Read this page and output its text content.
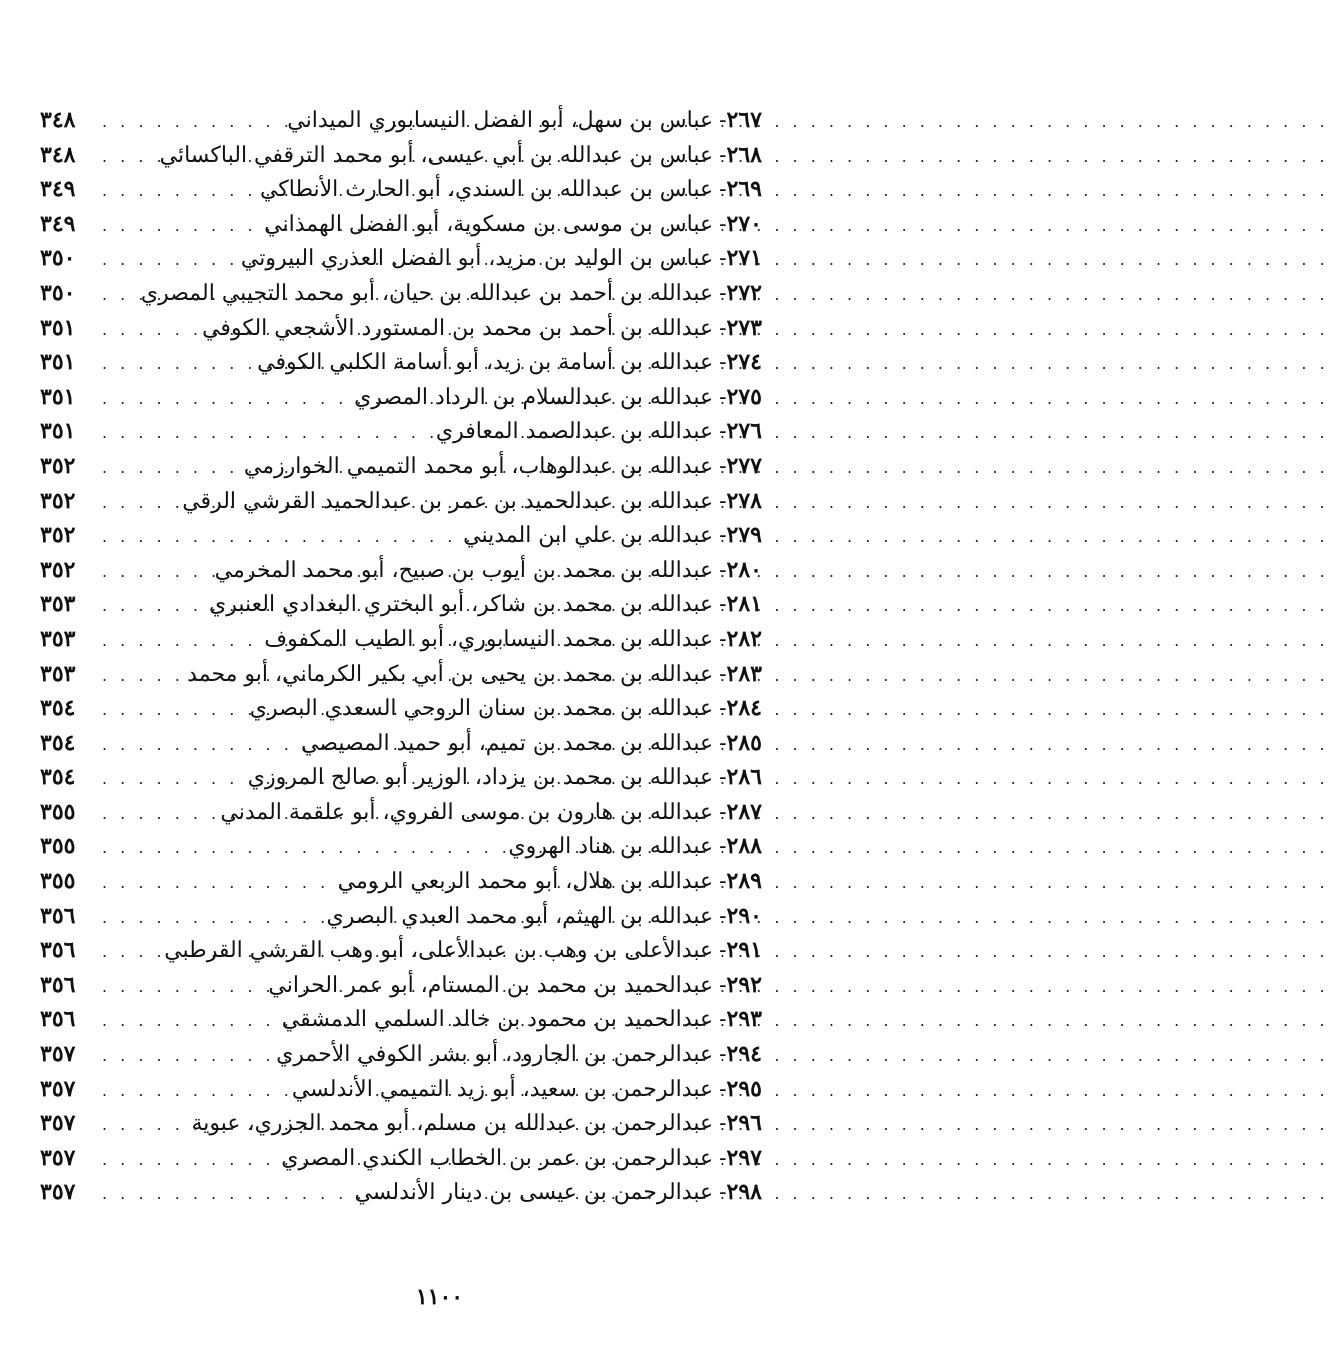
٢٦٧
-
عباس بن سهل، أبو الفضل النيسابوري الميداني
. . .
٣٤٨
٢٦٨
-
عباس بن عبدالله بن أبي عيسى، أبو محمد الترقفي الباكسائي
. . .
٣٤٨
٢٦٩
-
عباس بن عبدالله بن السندي، أبو الحارث الأنطاكي
. . .
٣٤٩
٢٧٠
-
عباس بن موسى بن مسكوية، أبو الفضل الهمذاني
. . .
٣٤٩
٢٧١
-
عباس بن الوليد بن مزيد، أبو الفضل العذري البيروتي
. . .
٣٥٠
٢٧٢
-
عبدالله بن أحمد بن عبدالله بن حيان، أبو محمد التجيبي المصري
. . .
٣٥٠
٢٧٣
-
عبدالله بن أحمد بن محمد بن المستورد الأشجعي الكوفي
. . .
٣٥١
٢٧٤
-
عبدالله بن أسامة بن زيد، أبو أسامة الكلبي الكوفي
. . .
٣٥١
٢٧٥
-
عبدالله بن عبدالسلام بن الرداد المصري
. . .
٣٥١
٢٧٦
-
عبدالله بن عبدالصمد المعافري
. . .
٣٥١
٢٧٧
-
عبدالله بن عبدالوهاب، أبو محمد التميمي الخوارزمي
. . .
٣٥٢
٢٧٨
-
عبدالله بن عبدالحميد بن عمر بن عبدالحميد القرشي الرقي
. . .
٣٥٢
٢٧٩
-
عبدالله بن علي ابن المديني
. . .
٣٥٢
٢٨٠
-
عبدالله بن محمد بن أيوب بن صبيح، أبو محمد المخرمي
. . .
٣٥٢
٢٨١
-
عبدالله بن محمد بن شاكر، أبو البختري البغدادي العنبري
. . .
٣٥٣
٢٨٢
-
عبدالله بن محمد النيسابوري، أبو الطيب المكفوف
. . .
٣٥٣
٢٨٣
-
عبدالله بن محمد بن يحيى بن أبي بكير الكرماني، أبو محمد
. . .
٣٥٣
٢٨٤
-
عبدالله بن محمد بن سنان الروحي السعدي البصري
. . .
٣٥٤
٢٨٥
-
عبدالله بن محمد بن تميم، أبو حميد المصيصي
. . .
٣٥٤
٢٨٦
-
عبدالله بن محمد بن يزداد، الوزير أبو صالح المروزي
. . .
٣٥٤
٢٨٧
-
عبدالله بن هارون بن موسى الفروي، أبو علقمة المدني
. . .
٣٥٥
٢٨٨
-
عبدالله بن هناد الهروي
. . .
٣٥٥
٢٨٩
-
عبدالله بن هلال، أبو محمد الربعي الرومي
. . .
٣٥٥
٢٩٠
-
عبدالله بن الهيثم، أبو محمد العبدي البصري
. . .
٣٥٦
٢٩١
-
عبدالأعلى بن وهب بن عبدالأعلى، أبو وهب القرشي القرطبي
. . .
٣٥٦
٢٩٢
-
عبدالحميد بن محمد بن المستام، أبو عمر الحراني
. . .
٣٥٦
٢٩٣
-
عبدالحميد بن محمود بن خالد السلمي الدمشقي
. . .
٣٥٦
٢٩٤
-
عبدالرحمن بن الجارود، أبو بشر الكوفي الأحمري
. . .
٣٥٧
٢٩٥
-
عبدالرحمن بن سعيد، أبو زيد التميمي الأندلسي
. . .
٣٥٧
٢٩٦
-
عبدالرحمن بن عبدالله بن مسلم، أبو محمد الجزري، عبوية
. . .
٣٥٧
٢٩٧
-
عبدالرحمن بن عمر بن الخطاب الكندي المصري
. . .
٣٥٧
٢٩٨
-
عبدالرحمن بن عيسى بن دينار الأندلسي
. . .
٣٥٧
١١٠٠
